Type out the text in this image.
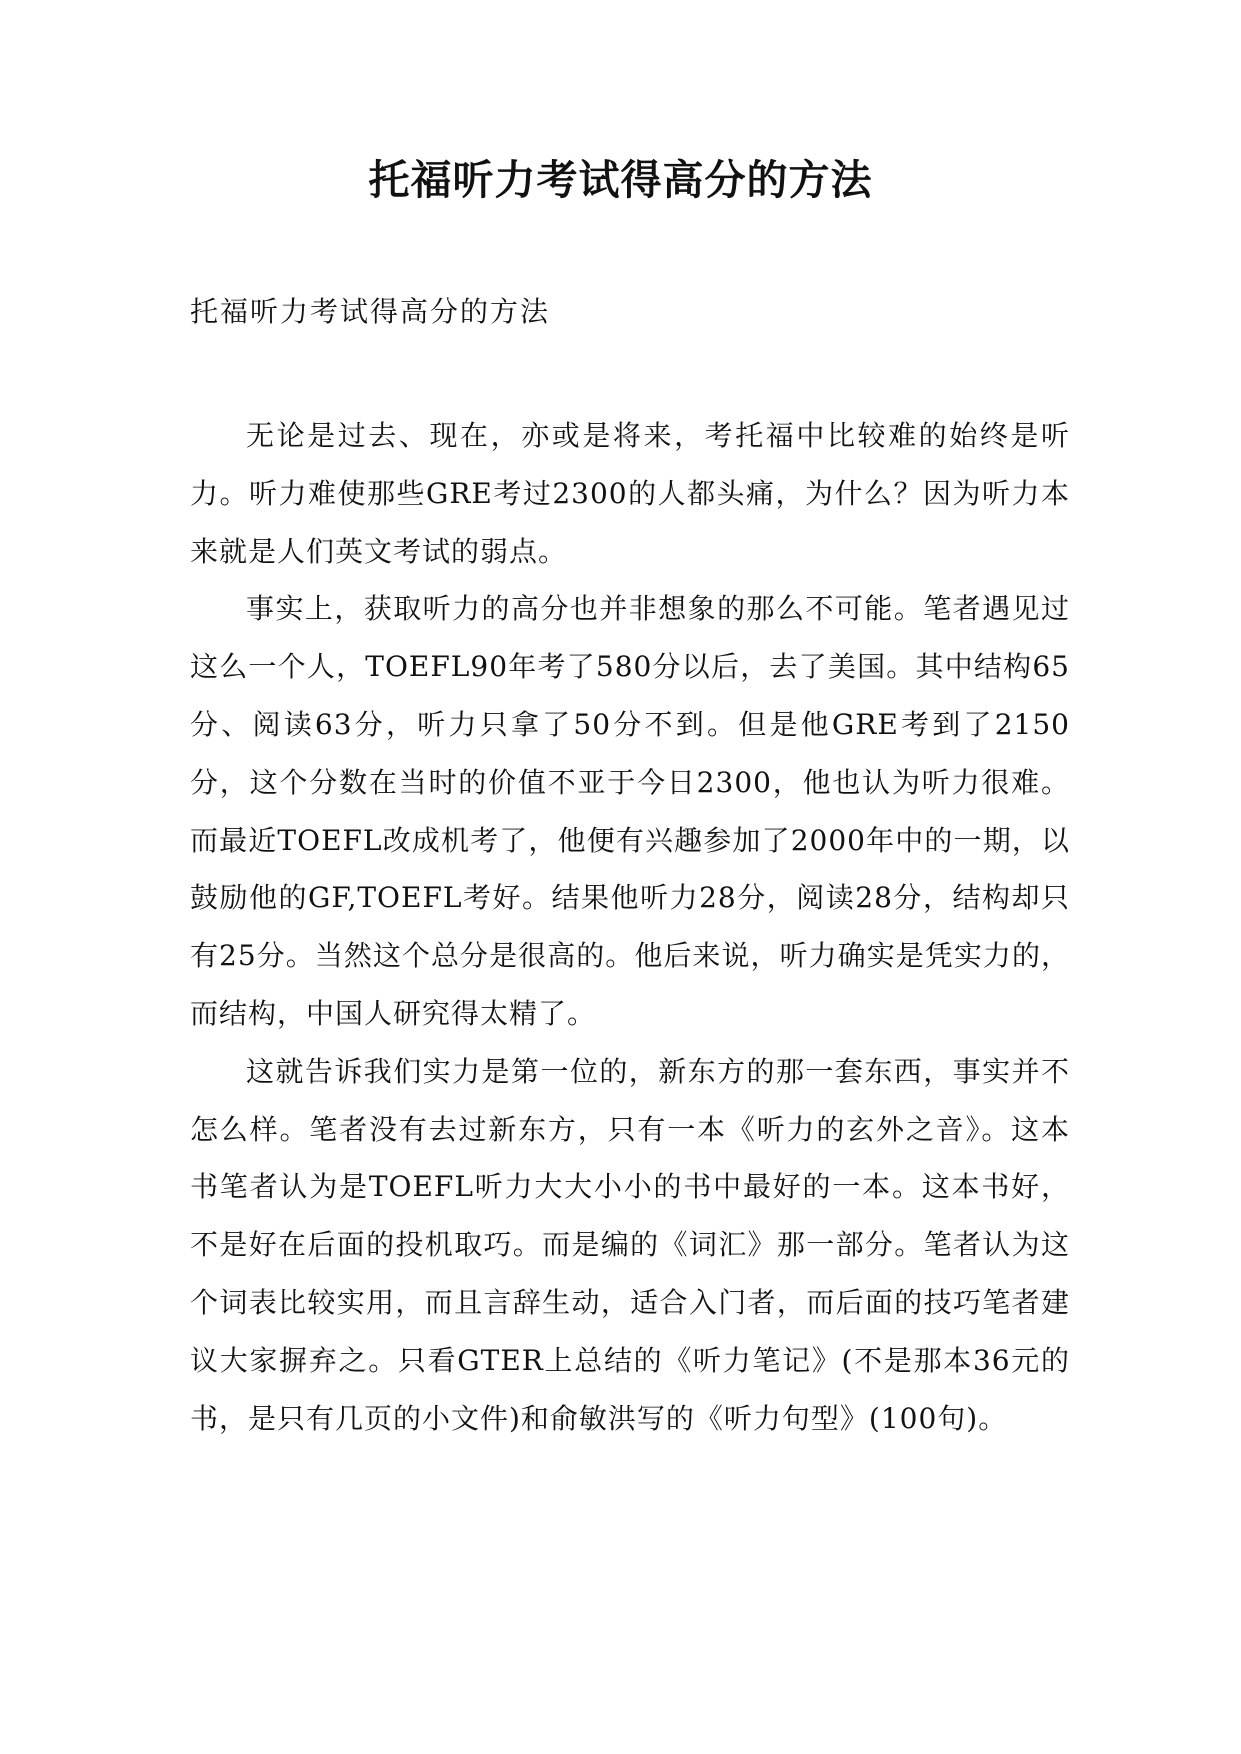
托福听力考试得高分的方法

托福听力考试得高分的方法

无论是过去、现在，亦或是将来，考托福中比较难的始终是听力。听力难使那些GRE考过2300的人都头痛，为什么？因为听力本来就是人们英文考试的弱点。

事实上，获取听力的高分也并非想象的那么不可能。笔者遇见过这么一个人，TOEFL90年考了580分以后，去了美国。其中结构65分、阅读63分，听力只拿了50分不到。但是他GRE考到了2150分，这个分数在当时的价值不亚于今日2300，他也认为听力很难。而最近TOEFL改成机考了，他便有兴趣参加了2000年中的一期，以鼓励他的GF,TOEFL考好。结果他听力28分，阅读28分，结构却只有25分。当然这个总分是很高的。他后来说，听力确实是凭实力的，而结构，中国人研究得太精了。

这就告诉我们实力是第一位的，新东方的那一套东西，事实并不怎么样。笔者没有去过新东方，只有一本《听力的玄外之音》。这本书笔者认为是TOEFL听力大大小小的书中最好的一本。这本书好，不是好在后面的投机取巧。而是编的《词汇》那一部分。笔者认为这个词表比较实用，而且言辞生动，适合入门者，而后面的技巧笔者建议大家摒弃之。只看GTER上总结的《听力笔记》(不是那本36元的书，是只有几页的小文件)和俞敏洪写的《听力句型》(100句)。
